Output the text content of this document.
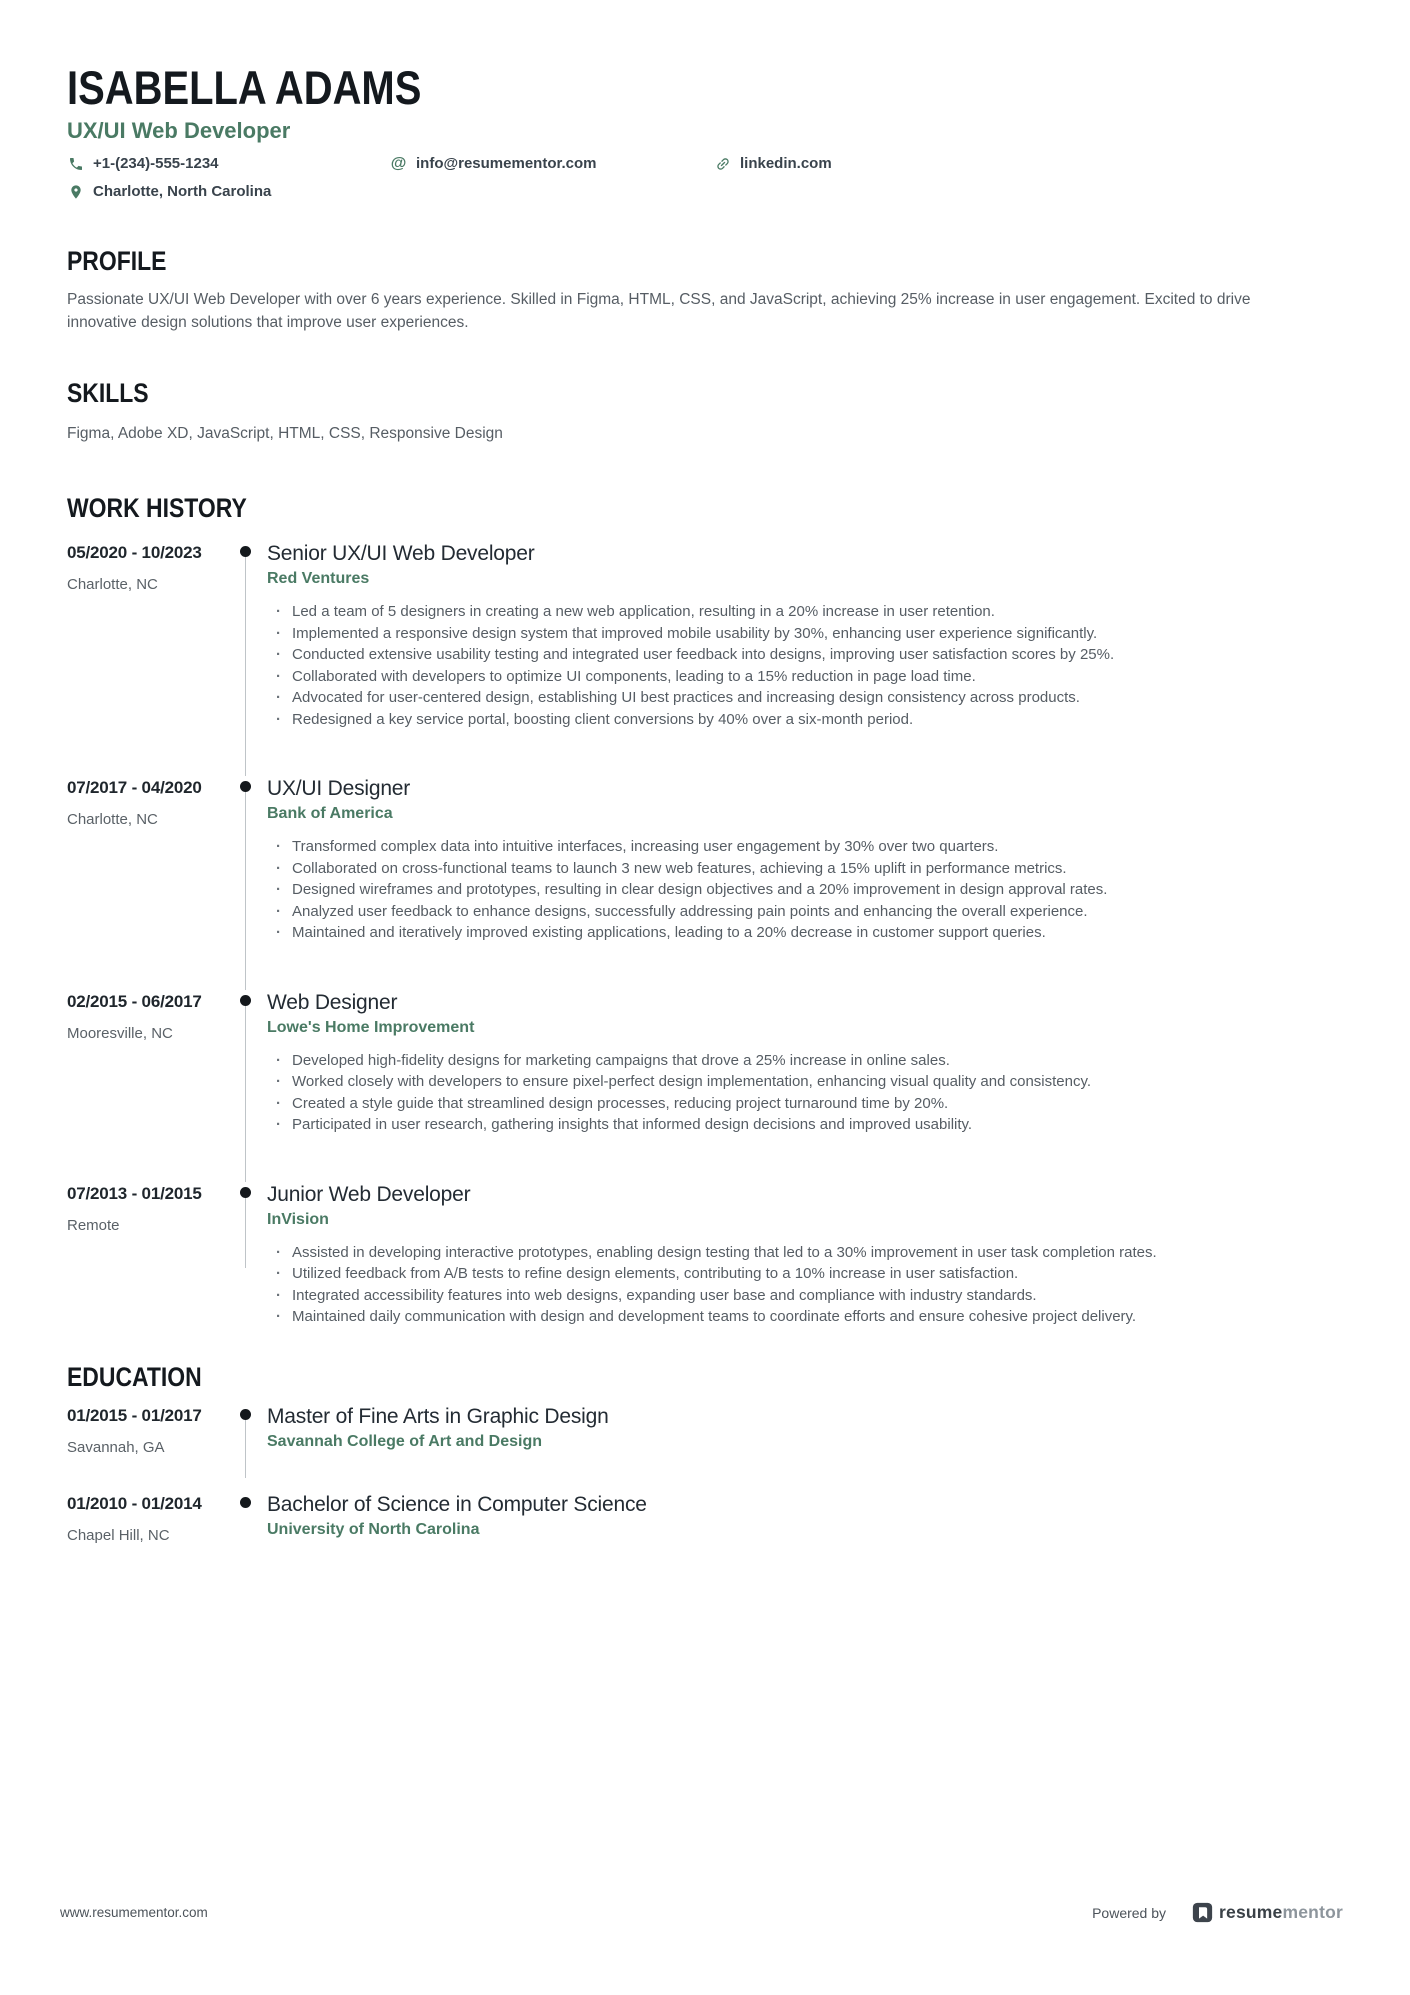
ISABELLA ADAMS
UX/UI Web Developer
+1-(234)-555-1234	@ info@resumementor.com	linkedin.com
Charlotte, North Carolina
PROFILE
Passionate UX/UI Web Developer with over 6 years experience. Skilled in Figma, HTML, CSS, and JavaScript, achieving 25% increase in user engagement. Excited to drive innovative design solutions that improve user experiences.
SKILLS
Figma, Adobe XD, JavaScript, HTML, CSS, Responsive Design
WORK HISTORY
05/2020 - 10/2023
Charlotte, NC
Senior UX/UI Web Developer
Red Ventures
· Led a team of 5 designers in creating a new web application, resulting in a 20% increase in user retention.
· Implemented a responsive design system that improved mobile usability by 30%, enhancing user experience significantly.
· Conducted extensive usability testing and integrated user feedback into designs, improving user satisfaction scores by 25%.
· Collaborated with developers to optimize UI components, leading to a 15% reduction in page load time.
· Advocated for user-centered design, establishing UI best practices and increasing design consistency across products.
· Redesigned a key service portal, boosting client conversions by 40% over a six-month period.
07/2017 - 04/2020
Charlotte, NC
UX/UI Designer
Bank of America
· Transformed complex data into intuitive interfaces, increasing user engagement by 30% over two quarters.
· Collaborated on cross-functional teams to launch 3 new web features, achieving a 15% uplift in performance metrics.
· Designed wireframes and prototypes, resulting in clear design objectives and a 20% improvement in design approval rates.
· Analyzed user feedback to enhance designs, successfully addressing pain points and enhancing the overall experience.
· Maintained and iteratively improved existing applications, leading to a 20% decrease in customer support queries.
02/2015 - 06/2017
Mooresville, NC
Web Designer
Lowe's Home Improvement
· Developed high-fidelity designs for marketing campaigns that drove a 25% increase in online sales.
· Worked closely with developers to ensure pixel-perfect design implementation, enhancing visual quality and consistency.
· Created a style guide that streamlined design processes, reducing project turnaround time by 20%.
· Participated in user research, gathering insights that informed design decisions and improved usability.
07/2013 - 01/2015
Remote
Junior Web Developer
InVision
· Assisted in developing interactive prototypes, enabling design testing that led to a 30% improvement in user task completion rates.
· Utilized feedback from A/B tests to refine design elements, contributing to a 10% increase in user satisfaction.
· Integrated accessibility features into web designs, expanding user base and compliance with industry standards.
· Maintained daily communication with design and development teams to coordinate efforts and ensure cohesive project delivery.
EDUCATION
01/2015 - 01/2017
Savannah, GA
Master of Fine Arts in Graphic Design
Savannah College of Art and Design
01/2010 - 01/2014
Chapel Hill, NC
Bachelor of Science in Computer Science
University of North Carolina
www.resumementor.com	Powered by	resumementor
